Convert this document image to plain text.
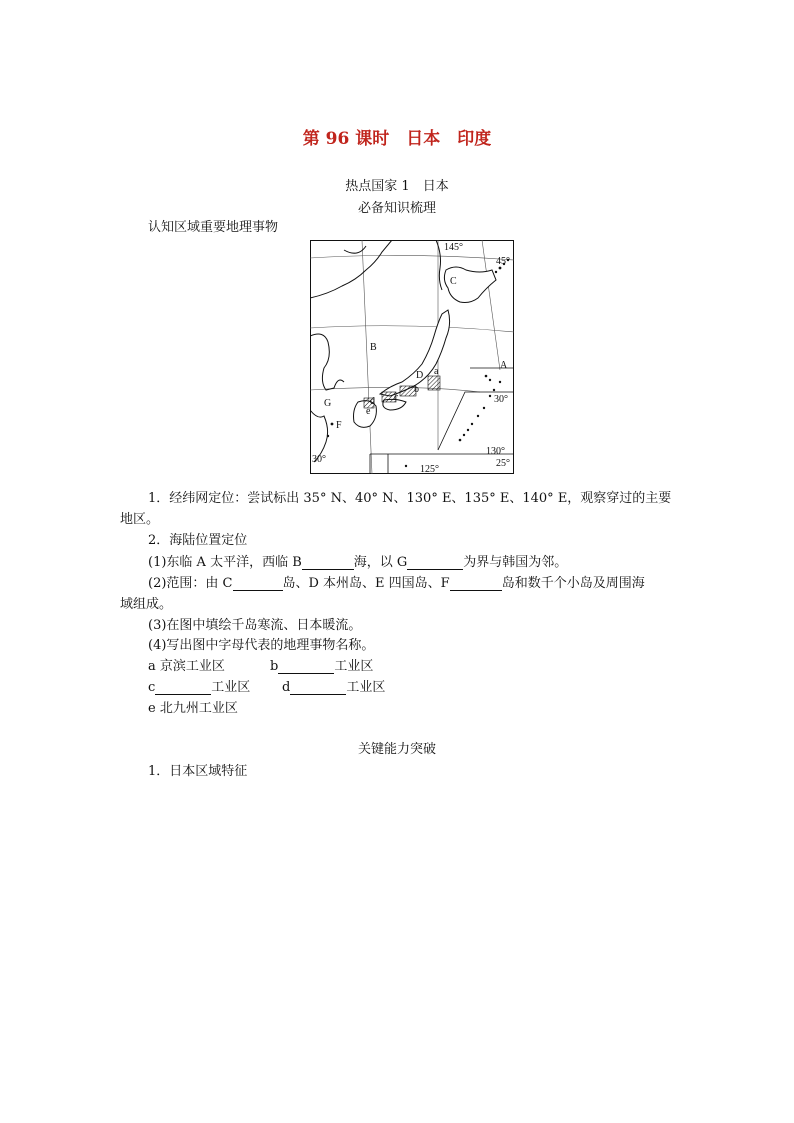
第 96 课时　日本　印度
热点国家 1　日本
必备知识梳理
认知区域重要地理事物
145°
45°
C
B
A
D a
b
c
d
e
G
F
30°
30°
130°
25°
125°
1．经纬网定位：尝试标出 35° N、40° N、130° E、135° E、140° E，观察穿过的主要
地区。
2．海陆位置定位
(1)东临 A 太平洋，西临 B	海，以 G	为界与韩国为邻。
(2)范围：由 C	岛、D 本州岛、E 四国岛、F	岛和数千个小岛及周围海
域组成。
(3)在图中填绘千岛寒流、日本暖流。
(4)写出图中字母代表的地理事物名称。
a 京滨工业区	b	工业区
c	工业区 d	工业区
e 北九州工业区
关键能力突破
1．日本区域特征
